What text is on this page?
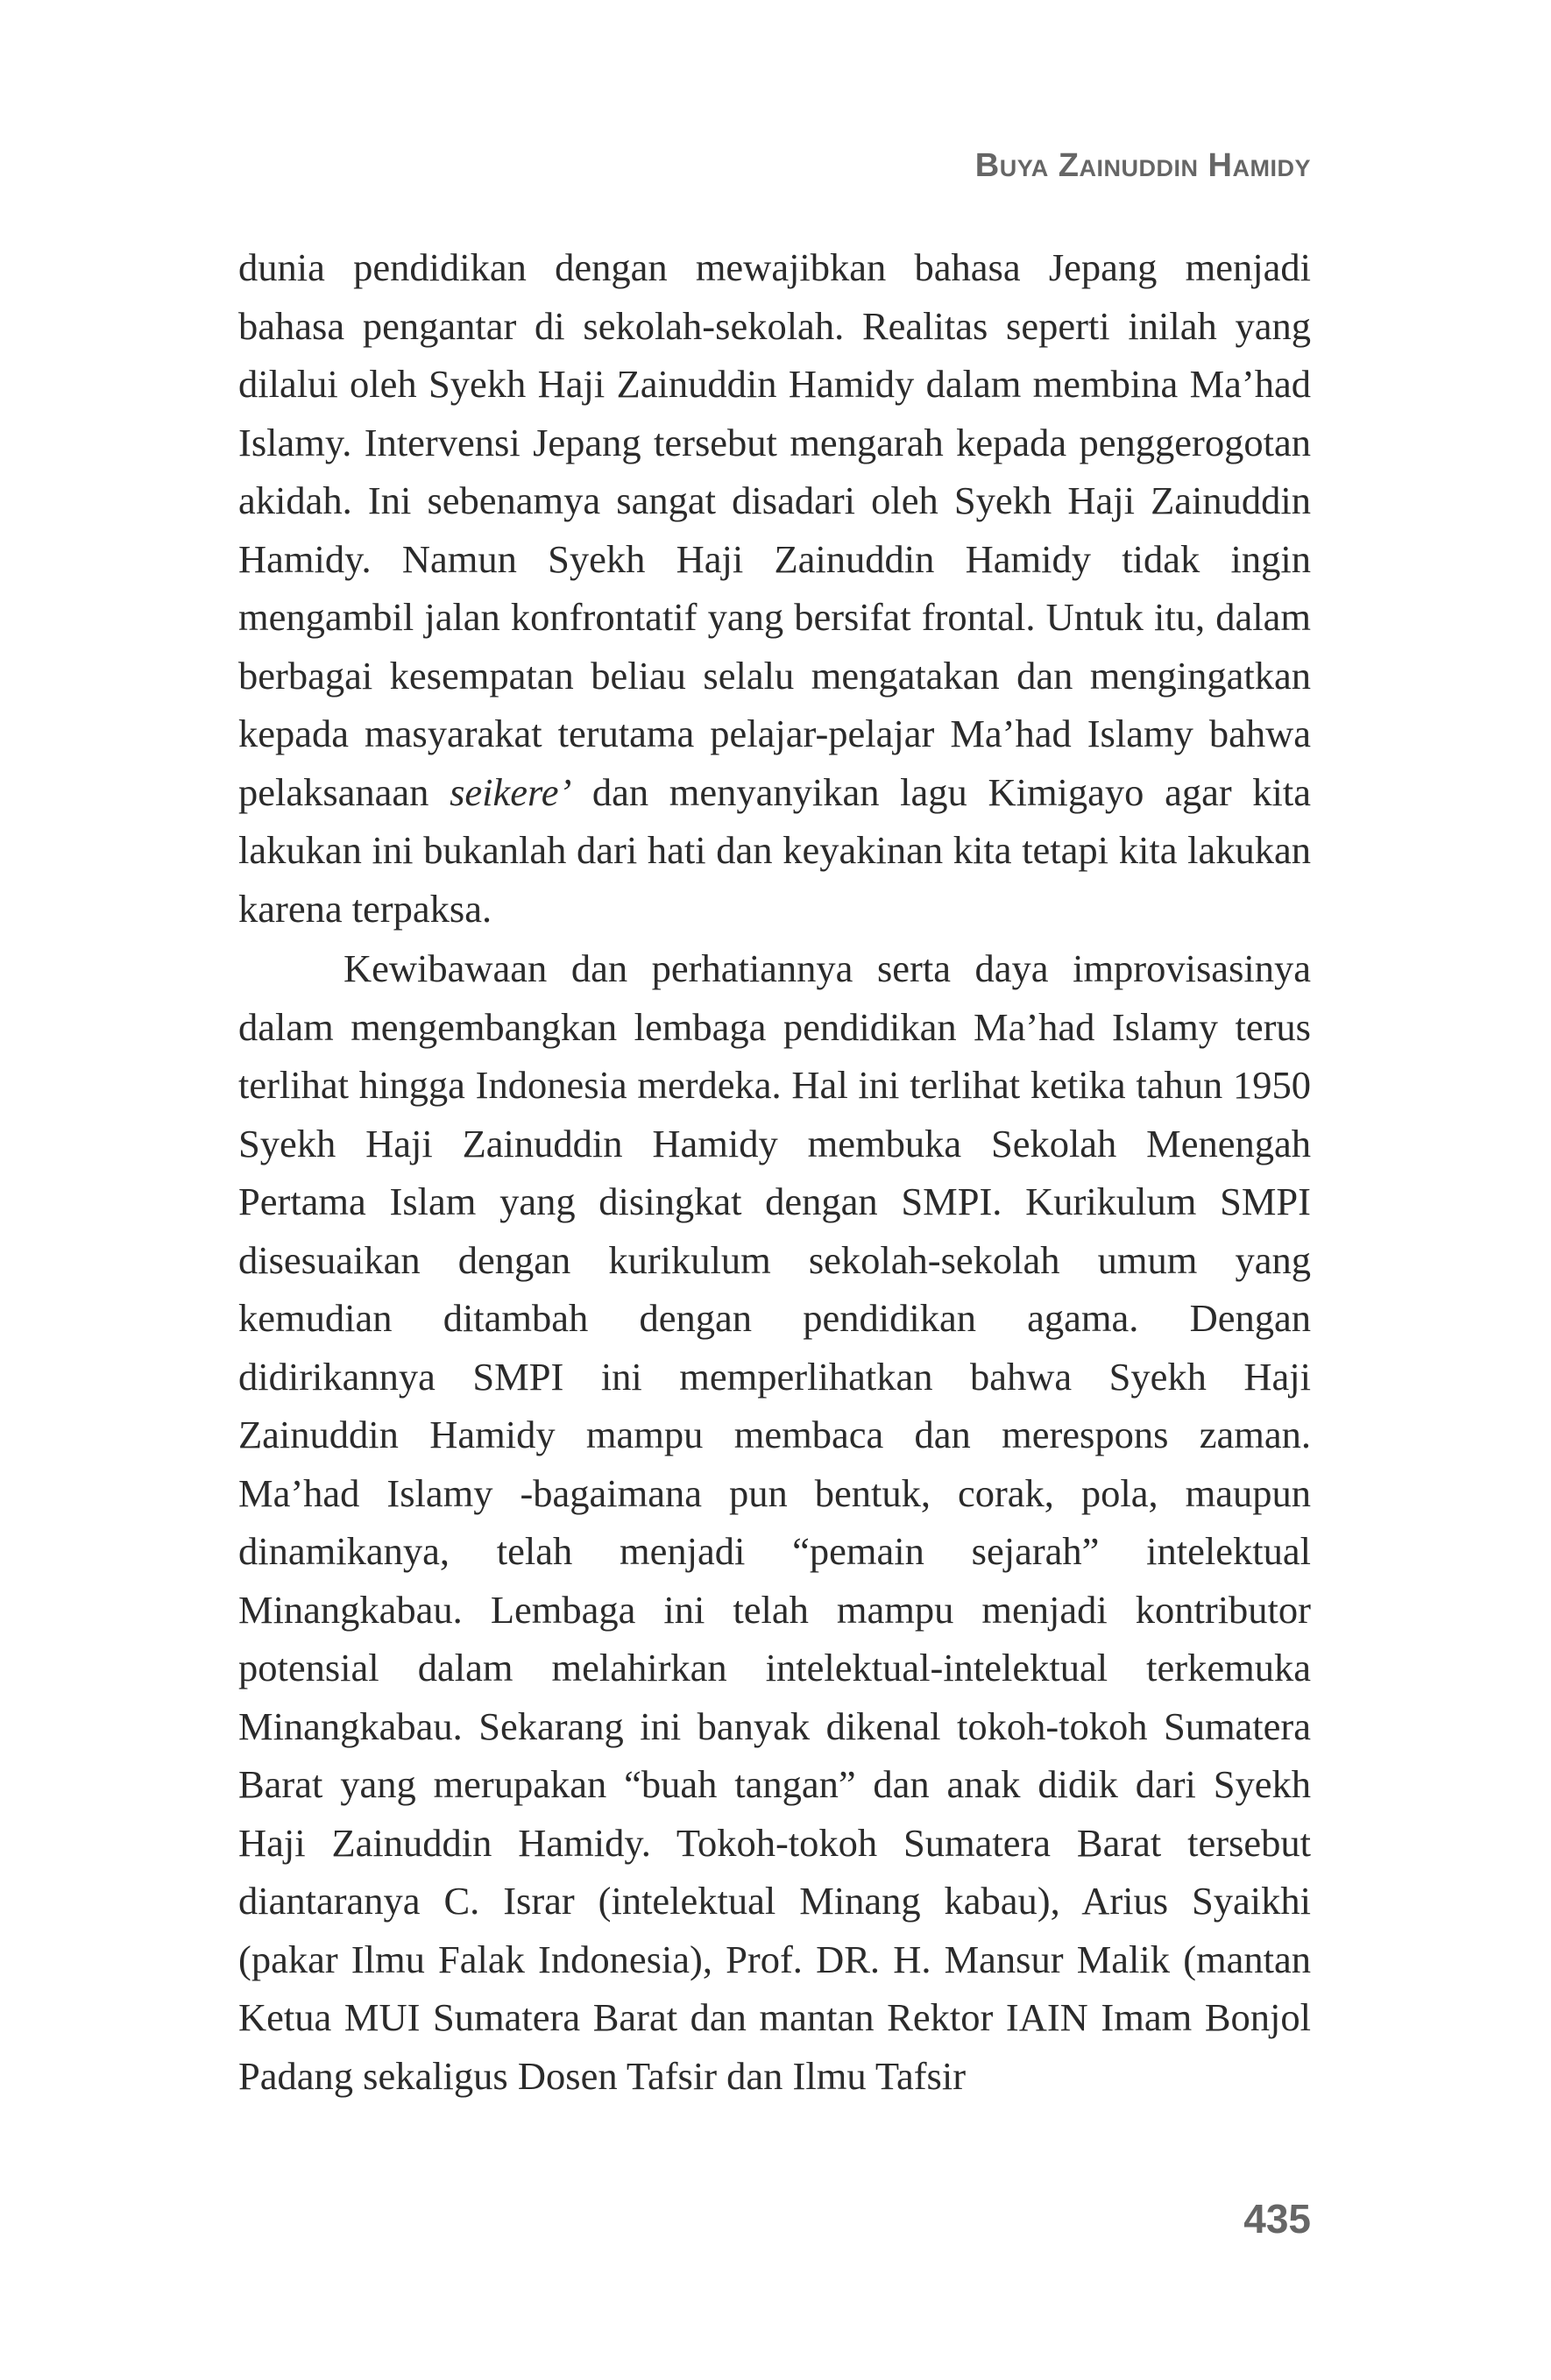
Buya Zainuddin Hamidy

dunia pendidikan dengan mewajibkan bahasa Jepang menjadi bahasa pengantar di sekolah-sekolah. Realitas seperti inilah yang dilalui oleh Syekh Haji Zainuddin Hamidy dalam membina Ma’had Islamy. Intervensi Jepang tersebut mengarah kepada penggerogotan akidah. Ini sebenamya sangat disadari oleh Syekh Haji Zainuddin Hamidy. Namun Syekh Haji Zainuddin Hamidy tidak ingin mengambil jalan konfrontatif yang bersifat frontal. Untuk itu, dalam berbagai kesempatan beliau selalu mengatakan dan mengingatkan kepada masyarakat terutama pelajar-pelajar Ma’had Islamy bahwa pelaksanaan seikere’ dan menyanyikan lagu Kimigayo agar kita lakukan ini bukanlah dari hati dan keyakinan kita tetapi kita lakukan karena terpaksa.

Kewibawaan dan perhatiannya serta daya improvisasinya dalam mengembangkan lembaga pendidikan Ma’had Islamy terus terlihat hingga Indonesia merdeka. Hal ini terlihat ketika tahun 1950 Syekh Haji Zainuddin Hamidy membuka Sekolah Menengah Pertama Islam yang disingkat dengan SMPI. Kurikulum SMPI disesuaikan dengan kurikulum sekolah-sekolah umum yang kemudian ditambah dengan pendidikan agama. Dengan didirikannya SMPI ini memperlihatkan bahwa Syekh Haji Zainuddin Hamidy mampu membaca dan merespons zaman. Ma’had Islamy -bagaimana pun bentuk, corak, pola, maupun dinamikanya, telah menjadi “pemain sejarah” intelektual Minangkabau. Lembaga ini telah mampu menjadi kontributor potensial dalam melahirkan intelektual-intelektual terkemuka Minangkabau. Sekarang ini banyak dikenal tokoh-tokoh Sumatera Barat yang merupakan “buah tangan” dan anak didik dari Syekh Haji Zainuddin Hamidy. Tokoh-tokoh Sumatera Barat tersebut diantaranya C. Israr (intelektual Minang kabau), Arius Syaikhi (pakar Ilmu Falak Indonesia), Prof. DR. H. Mansur Malik (mantan Ketua MUI Sumatera Barat dan mantan Rektor IAIN Imam Bonjol Padang sekaligus Dosen Tafsir dan Ilmu Tafsir

435
